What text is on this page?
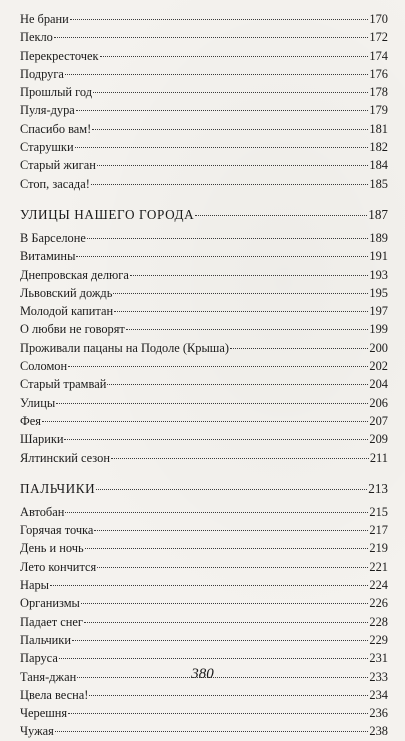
Не брани	170
Пекло	172
Перекресточек	174
Подруга	176
Прошлый год	178
Пуля-дура	179
Спасибо вам!	181
Старушки	182
Старый жиган	184
Стоп, засада!	185
УЛИЦЫ НАШЕГО ГОРОДА	187
В Барселоне	189
Витамины	191
Днепровская делюга	193
Львовский дождь	195
Молодой капитан	197
О любви не говорят	199
Проживали пацаны на Подоле (Крыша)	200
Соломон	202
Старый трамвай	204
Улицы	206
Фея	207
Шарики	209
Ялтинский сезон	211
ПАЛЬЧИКИ	213
Автобан	215
Горячая точка	217
День и ночь	219
Лето кончится	221
Нары	224
Организмы	226
Падает снег	228
Пальчики	229
Паруса	231
Таня-джан	233
Цвела весна!	234
Черешня	236
Чужая	238
380
